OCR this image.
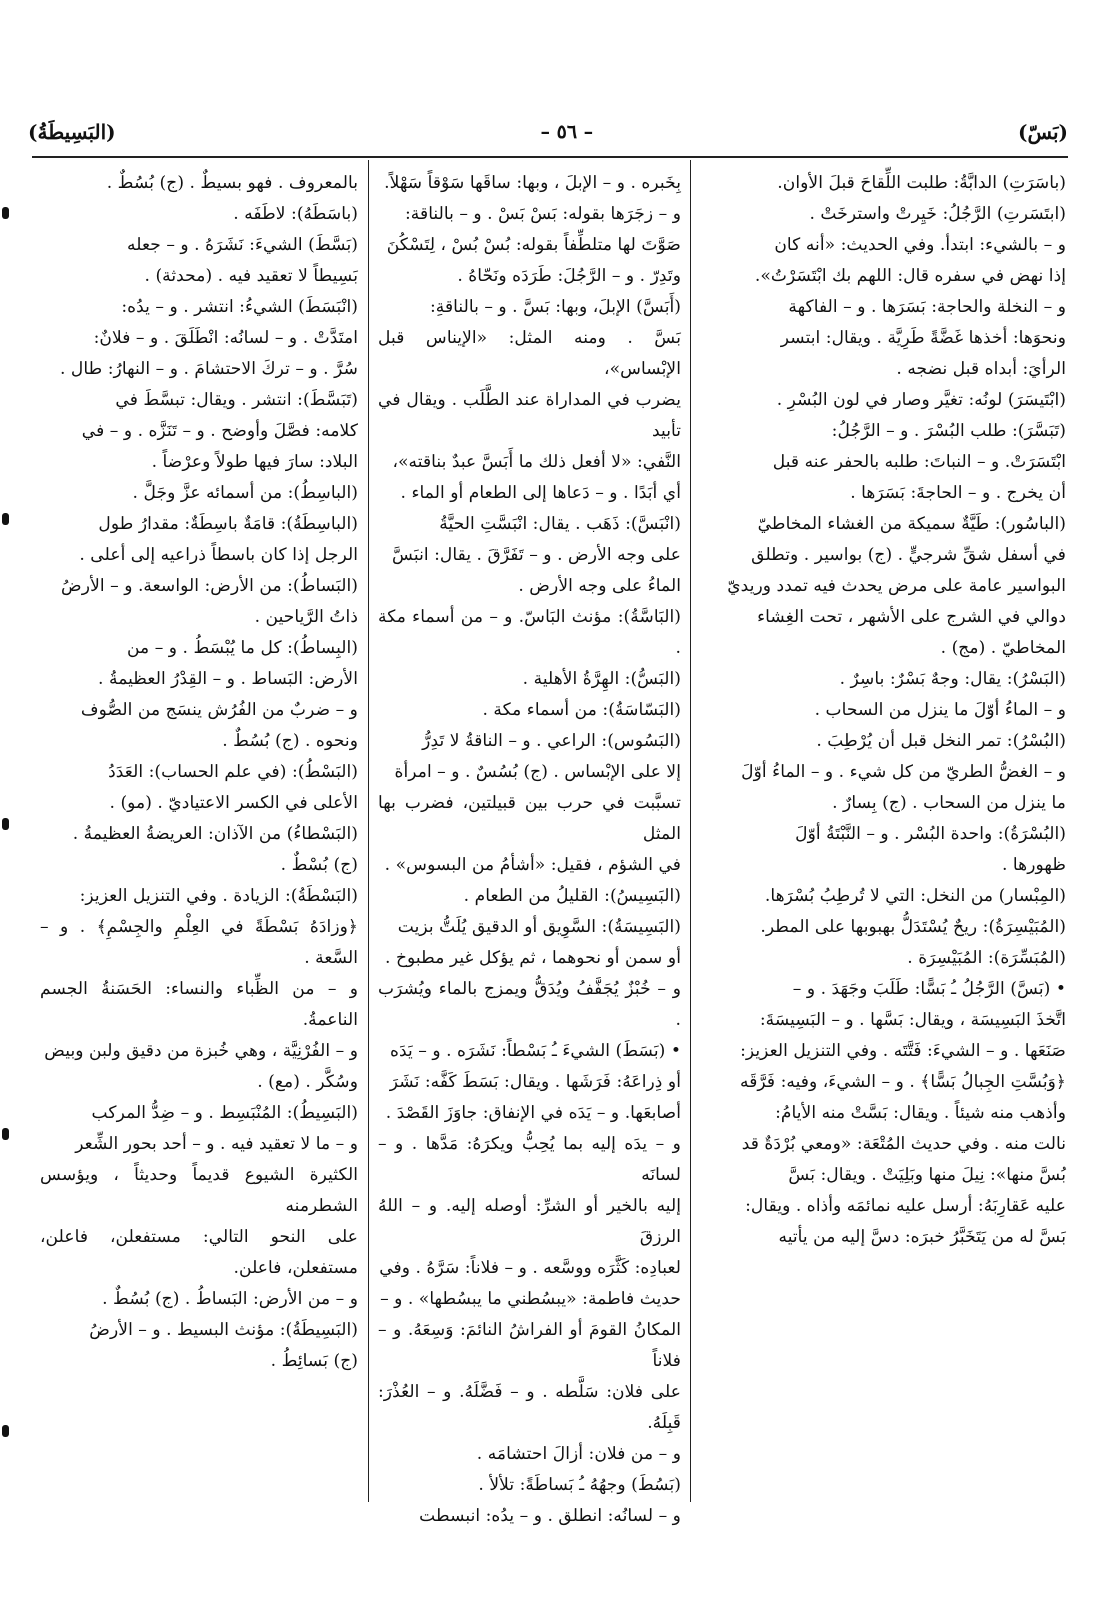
(بَسّ)
– ٥٦ –
(البَسِيطَةُ)

(باسَرَتِ) الدابَّةُ: طلبت اللِّقاحَ قبلَ الأوان.

(ابتَسَرتِ) الرَّجُلُ: خَيِرتْ واسترخَتْ .

و – بالشيء: ابتدأ. وفي الحديث: «أنه كان

إذا نهض في سفره قال: اللهم بك ابْتَسَرْتُ».

و – النخلة والحاجة: بَسَرَها . و – الفاكهة

ونحوَها: أخذها غَضَّةً طَرِيَّة . ويقال: ابتسر

الرأيَ: أبداه قبل نضجه .

(ابْتَيسَرَ) لونُه: تغيَّر وصار في لون البُسْرِ .

(تَبَسَّرَ): طلب البُسْرَ . و – الرَّجُلُ:

ابْتَسَرَتْ. و – النباتَ: طلبه بالحفر عنه قبل

أن يخرج . و – الحاجةَ: بَسَرَها .

(الباسُور): طَيَّةٌ سميكة من الغشاء المخاطيّ

في أسفل شقِّ شرجيٍّ . (ج) بواسير . وتطلق

البواسير عامة على مرض يحدث فيه تمدد وريديّ

دوالي في الشرج على الأشهر ، تحت الغِشاء

المخاطيّ . (مج) .

(البَسْرُ): يقال: وجهٌ بَسْرٌ: باسِرٌ .

و – الماءُ أوّلَ ما ينزل من السحاب .

(البُسْرُ): تمر النخل قبل أن يُرْطِبَ .

و – الغضُّ الطريّ من كل شيء . و – الماءُ أوّلَ

ما ينزل من السحاب . (ج) بِسارٌ .

(البُسْرَةُ): واحدة البُسْر . و – النَّبْتَةُ أوّلَ

ظهورها .

(المِبْسار) من النخل: التي لا تُرطِبُ بُسْرَها.

(المُبَيْسِرَةُ): ريحٌ يُسْتَدَلُّ بهبوبها على المطر.

(المُبَسِّرَة): المُبَيْسِرَة .

• (بَسَّ) الرَّجُلُ ـُ بَسًّا: طَلَبَ وجَهَدَ . و –

اتَّخذَ البَسِيسَة ، ويقال: بَسَّها . و – البَسِيسَةَ:

صَنَعَها . و – الشيءَ: فَتَّتَه . وفي التنزيل العزيز:

﴿وَبُسَّتِ الجِبالُ بَسًّا﴾ . و – الشيءَ، وفيه: فَرَّقَه

وأذهب منه شيئاً . ويقال: بَسَّتْ منه الأيامُ:

نالت منه . وفي حديث المُتْعَة: «ومعي بُرْدَةٌ قد

بُسَّ منها»: نِيلَ منها وبَلِيَتْ . ويقال: بَسَّ

عليه عَقارِبَهُ: أرسل عليه نمائمَه وأذاه . ويقال:

بَسَّ له من يَتَخَبَّرُ خبرَه: دسَّ إليه من يأتيه

بِخَبره . و – الإبلَ ، وبها: ساقَها سَوْقاً سَهْلاً.

و – زجَرَها بقوله: بَسْ بَسْ . و – بالناقة:

صَوَّتَ لها متلطِّفاً بقوله: بُسْ بُسْ ، لِتَسْكُنَ

وتَدِرّ . و – الرَّجُلَ: طَرَدَه ونَحّاهُ .

(أَبَسَّ) الإبلَ، وبها: بَسَّ . و – بالناقةِ:

بَسَّ . ومنه المثل: «الإيناس قبل الإبْساس»،

يضرب في المداراة عند الطَّلَب . ويقال في تأبيد

النَّفي: «لا أفعل ذلك ما أَبَسَّ عبدٌ بناقته»،

أي أبَدًا . و – دَعاها إلى الطعام أو الماء .

(انْبَسَّ): ذَهَب . يقال: انْبَسَّتِ الحيَّةُ

على وجه الأرض . و – تَفَرَّقَ . يقال: انبَسَّ

الماءُ على وجه الأرض .

(البَاسَّةُ): مؤنث البَاسّ. و – من أسماء مكة .

(البَسُّ): الهِرَّةُ الأهلية .

(البَسّاسَةُ): من أسماء مكة .

(البَسُوس): الراعي . و – الناقةُ لا تَدِرُّ

إلا على الإبْساس . (ج) بُسُسٌ . و – امرأة

تسبَّبت في حرب بين قبيلتين، فضرب بها المثل

في الشؤم ، فقيل: «أشأمُ من البسوس» .

(البَسِيسُ): القليلُ من الطعام .

(البَسِيسَةُ): السَّوِيق أو الدقيق يُلَتُّ بزيت

أو سمن أو نحوهما ، ثم يؤكل غير مطبوخ .

و – خُبْزٌ يُجَفَّفُ ويُدَقُّ ويمزج بالماء ويُشرَب .

• (بَسَطَ) الشيءَ ـُ بَسْطاً: نَشَرَه . و – يَدَه

أو ذِراعَهُ: فَرَشَها . ويقال: بَسَطَ كَفَّه: نَشَرَ

أصابعَها. و – يَدَه في الإنفاق: جاوَزَ القَصْدَ .

و – يدَه إليه بما يُحِبُّ ويكرَهُ: مَدَّها . و – لسانَه

إليه بالخير أو الشرِّ: أوصله إليه. و – اللهُ الرزقَ

لعبادِه: كَثَّرَه ووسَّعه . و – فلاناً: سَرَّهُ . وفي

حديث فاطمة: «يبسُطني ما يبسُطها» . و –

المكانُ القومَ أو الفراشُ النائمَ: وَسِعَهُ. و – فلاناً

على فلان: سَلَّطه . و – فَضَّلَهُ. و – العُذْرَ: قَبِلَهُ.

و – من فلان: أزالَ احتشامَه .

(بَسُطَ) وجهُهُ ـُ بَساطَةً: تلألأ .

و – لسانُه: انطلق . و – يدُه: انبسطت

بالمعروف . فهو بسيطٌ . (ج) بُسُطٌ .

(باسَطَهُ): لاطَفَه .

(بَسَّطَ) الشيءَ: نَشَرَهُ . و – جعله

بَسِيطاً لا تعقيد فيه . (محدثة) .

(انْبَسَطَ) الشيءُ: انتشر . و – يدُه:

امتَدَّتْ . و – لسانُه: انْطَلَقَ . و – فلانٌ:

سُرَّ . و – تركَ الاحتشامَ . و – النهارُ: طال .

(تَبَسَّطَ): انتشر . ويقال: تبسَّطَ في

كلامه: فصَّلَ وأوضح . و – تَنَزَّه . و – في

البلاد: سارَ فيها طولاً وعرْضاً .

(الباسِطُ): من أسمائه عزَّ وجَلَّ .

(الباسِطَةُ): قامَةٌ باسِطَةٌ: مقدارُ طول

الرجل إذا كان باسطاً ذراعيه إلى أعلى .

(البَساطُ): من الأرض: الواسعة. و – الأرضُ

ذاتُ الرَّياحين .

(البِساطُ): كل ما يُبْسَطُ . و – من

الأرض: البَساط . و – القِدْرُ العظيمةُ .

و – ضربٌ من الفُرُش ينسَج من الصُّوف

ونحوه . (ج) بُسُطٌ .

(البَسْطُ): (في علم الحساب): العَدَدُ

الأعلى في الكسر الاعتياديّ . (مو) .

(البَسْطاءُ) من الآذان: العريضةُ العظيمةُ .

(ج) بُسْطٌ .

(البَسْطَةُ): الزيادة . وفي التنزيل العزيز:

﴿وزادَهُ بَسْطَةً في العِلْمِ والجِسْمِ﴾ . و – السَّعة .

و – من الظِّباء والنساء: الحَسَنةُ الجسم الناعمةُ.

و – الفُرْنِيَّة ، وهي خُبزة من دقيق ولبن وبيض

وسُكَّر . (مع) .

(البَسِيطُ): المُنْبَسِط . و – ضِدُّ المركب

و – ما لا تعقيد فيه . و – أحد بحور الشِّعر

الكثيرة الشيوع قديماً وحديثاً ، ويؤسس الشطرمنه

على النحو التالي: مستفعلن، فاعلن، مستفعلن، فاعلن.

و – من الأرض: البَساطُ . (ج) بُسُطٌ .

(البَسِيطَةُ): مؤنث البسيط . و – الأرضُ

(ج) بَسائِطُ .
